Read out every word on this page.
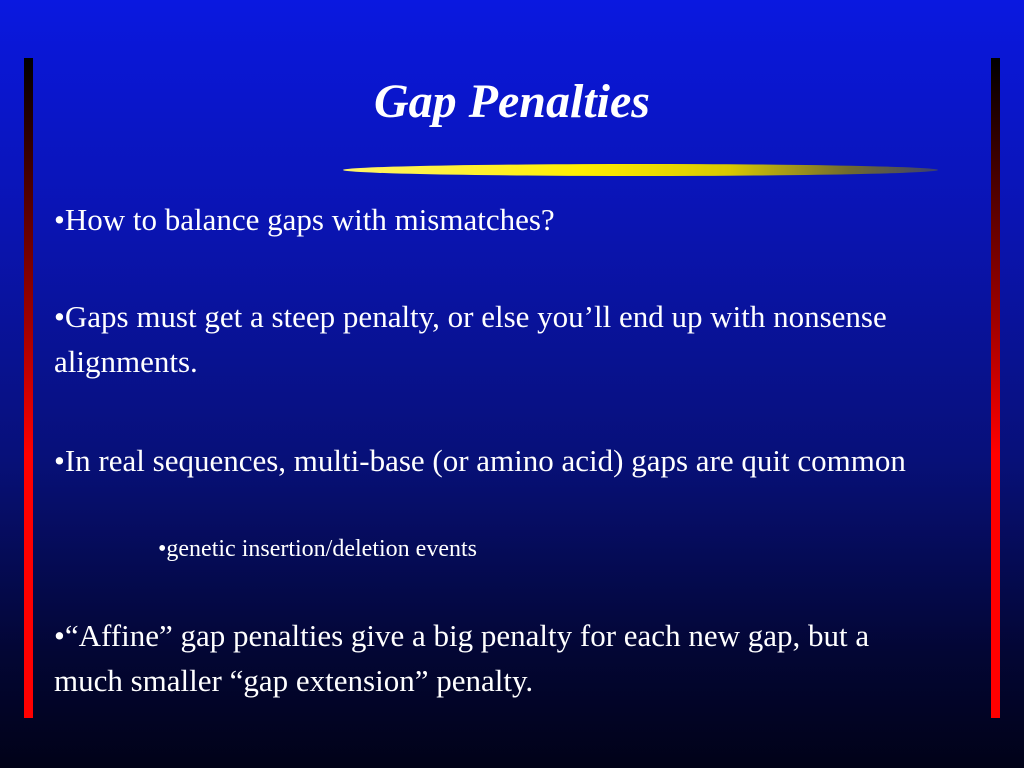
Gap Penalties
•How to balance gaps with mismatches?
•Gaps must get a steep penalty, or else you’ll end up with nonsense alignments.
•In real sequences, multi-base (or amino acid) gaps are quit common
•genetic insertion/deletion events
•“Affine” gap penalties give a big penalty for each new gap, but a much smaller “gap extension” penalty.
